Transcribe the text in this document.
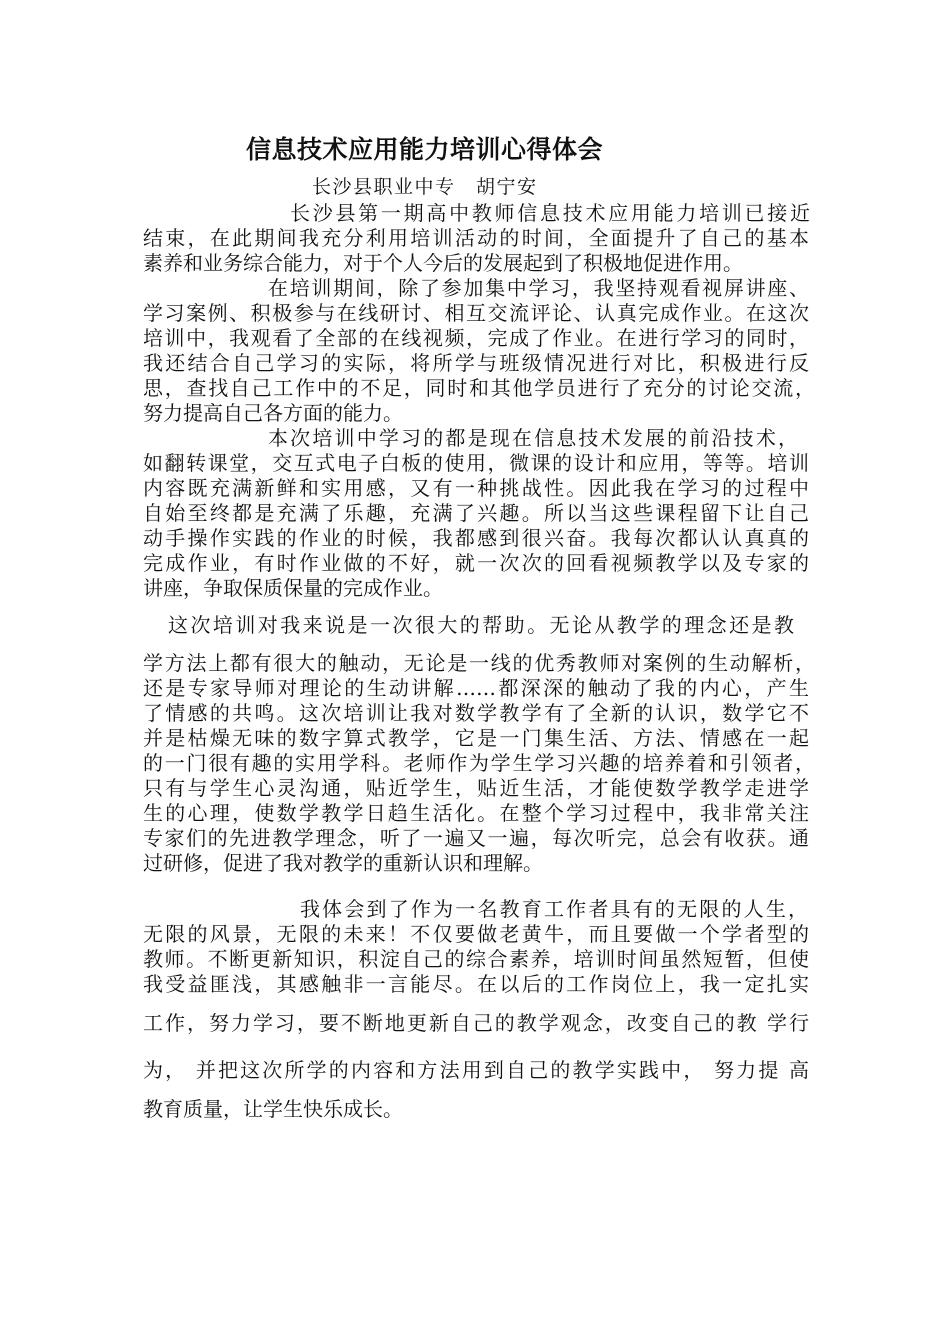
信息技术应用能力培训心得体会
长沙县职业中专　胡宁安
长沙县第一期高中教师信息技术应用能力培训已接近
结束，在此期间我充分利用培训活动的时间，全面提升了自己的基本
素养和业务综合能力，对于个人今后的发展起到了积极地促进作用。
在培训期间，除了参加集中学习，我坚持观看视屏讲座、
学习案例、积极参与在线研讨、相互交流评论、认真完成作业。在这次
培训中，我观看了全部的在线视频，完成了作业。在进行学习的同时，
我还结合自己学习的实际，将所学与班级情况进行对比，积极进行反
思，查找自己工作中的不足，同时和其他学员进行了充分的讨论交流，
努力提高自己各方面的能力。
本次培训中学习的都是现在信息技术发展的前沿技术，
如翻转课堂，交互式电子白板的使用，微课的设计和应用，等等。培训
内容既充满新鲜和实用感，又有一种挑战性。因此我在学习的过程中
自始至终都是充满了乐趣，充满了兴趣。所以当这些课程留下让自己
动手操作实践的作业的时候，我都感到很兴奋。我每次都认认真真的
完成作业，有时作业做的不好，就一次次的回看视频教学以及专家的
讲座，争取保质保量的完成作业。
这次培训对我来说是一次很大的帮助。无论从教学的理念还是教
学方法上都有很大的触动，无论是一线的优秀教师对案例的生动解析，
还是专家导师对理论的生动讲解……都深深的触动了我的内心，产生
了情感的共鸣。这次培训让我对数学教学有了全新的认识，数学它不
并是枯燥无味的数字算式教学，它是一门集生活、方法、情感在一起
的一门很有趣的实用学科。老师作为学生学习兴趣的培养着和引领者，
只有与学生心灵沟通，贴近学生，贴近生活，才能使数学教学走进学
生的心理，使数学教学日趋生活化。在整个学习过程中，我非常关注
专家们的先进教学理念，听了一遍又一遍，每次听完，总会有收获。通
过研修，促进了我对教学的重新认识和理解。
我体会到了作为一名教育工作者具有的无限的人生，
无限的风景，无限的未来！不仅要做老黄牛，而且要做一个学者型的
教师。不断更新知识，积淀自己的综合素养，培训时间虽然短暂，但使
我受益匪浅，其感触非一言能尽。在以后的工作岗位上，我一定扎实
工作，努力学习，要不断地更新自己的教学观念，改变自己的教 学行
为， 并把这次所学的内容和方法用到自己的教学实践中， 努力提 高
教育质量，让学生快乐成长。
